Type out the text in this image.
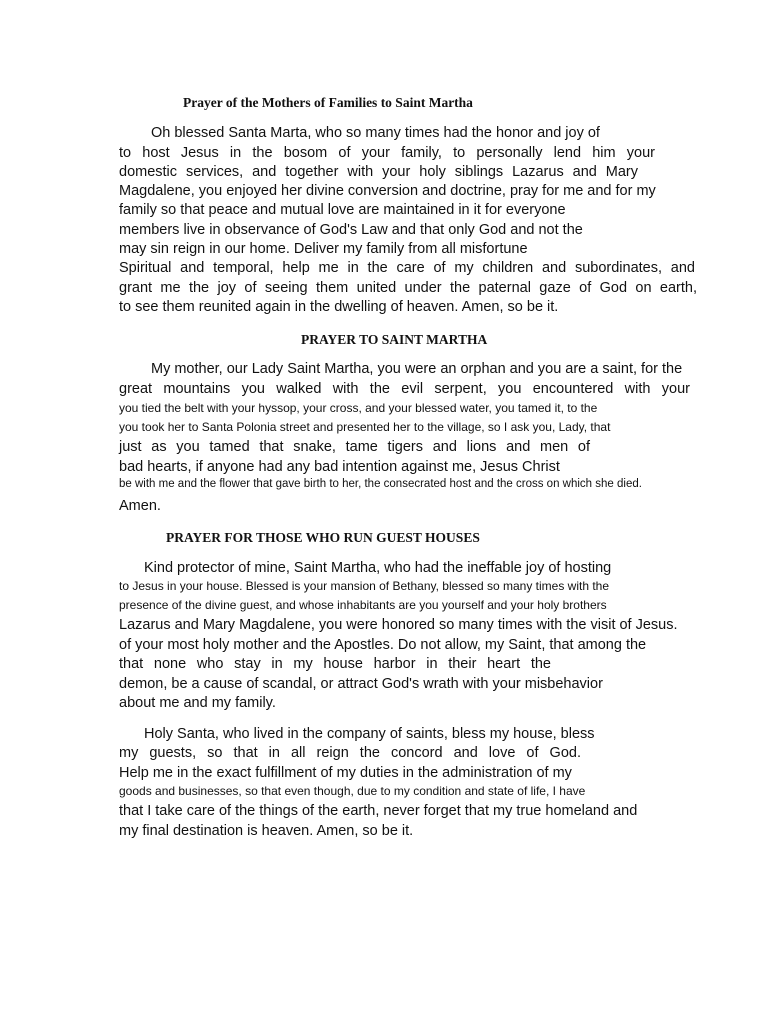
Prayer of the Mothers of Families to Saint Martha

Oh blessed Santa Marta, who so many times had the honor and joy of

to host Jesus in the bosom of your family, to personally lend him your

domestic services, and together with your holy siblings Lazarus and Mary

Magdalene, you enjoyed her divine conversion and doctrine, pray for me and for my

family so that peace and mutual love are maintained in it for everyone

members live in observance of God's Law and that only God and not the

may sin reign in our home. Deliver my family from all misfortune

Spiritual and temporal, help me in the care of my children and subordinates, and

grant me the joy of seeing them united under the paternal gaze of God on earth,

to see them reunited again in the dwelling of heaven. Amen, so be it.

PRAYER TO SAINT MARTHA

My mother, our Lady Saint Martha, you were an orphan and you are a saint, for the

great mountains you walked with the evil serpent, you encountered with your

you tied the belt with your hyssop, your cross, and your blessed water, you tamed it, to the

you took her to Santa Polonia street and presented her to the village, so I ask you, Lady, that

just as you tamed that snake, tame tigers and lions and men of

bad hearts, if anyone had any bad intention against me, Jesus Christ

be with me and the flower that gave birth to her, the consecrated host and the cross on which she died.

Amen.

PRAYER FOR THOSE WHO RUN GUEST HOUSES

Kind protector of mine, Saint Martha, who had the ineffable joy of hosting

to Jesus in your house. Blessed is your mansion of Bethany, blessed so many times with the

presence of the divine guest, and whose inhabitants are you yourself and your holy brothers

Lazarus and Mary Magdalene, you were honored so many times with the visit of Jesus.

of your most holy mother and the Apostles. Do not allow, my Saint, that among the

that none who stay in my house harbor in their heart the

demon, be a cause of scandal, or attract God's wrath with your misbehavior

about me and my family.

Holy Santa, who lived in the company of saints, bless my house, bless

my guests, so that in all reign the concord and love of God.

Help me in the exact fulfillment of my duties in the administration of my

goods and businesses, so that even though, due to my condition and state of life, I have

that I take care of the things of the earth, never forget that my true homeland and

my final destination is heaven. Amen, so be it.
